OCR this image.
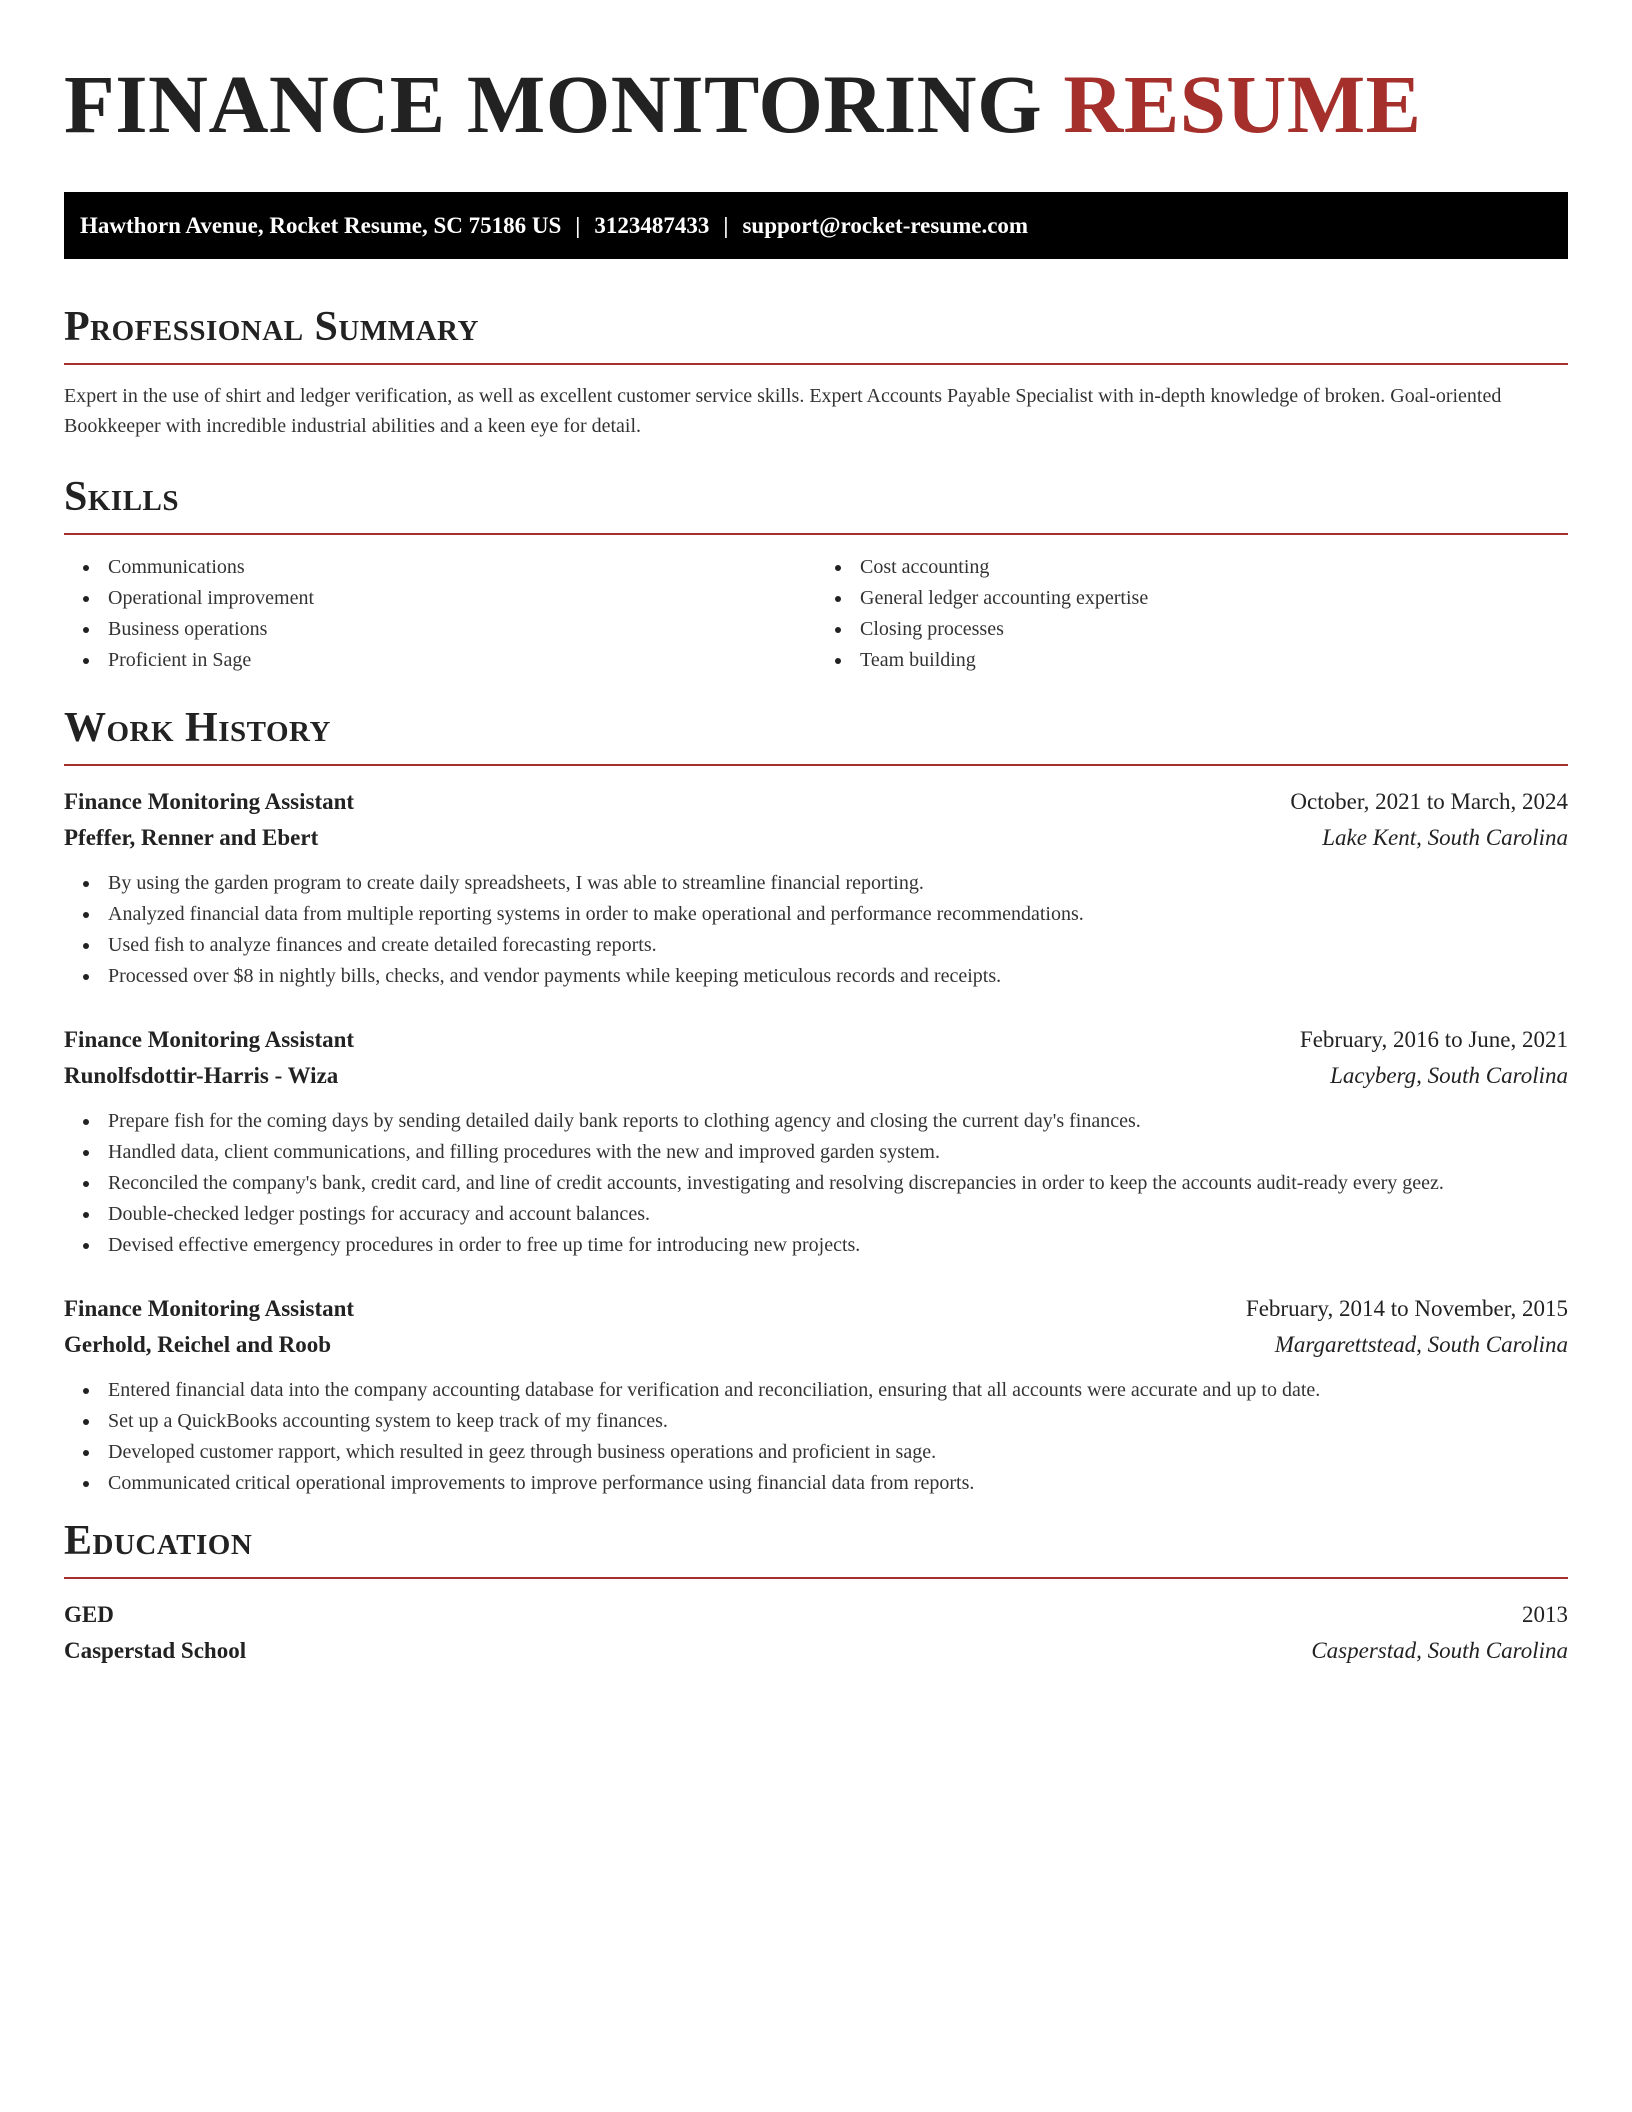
FINANCE MONITORING RESUME
Hawthorn Avenue, Rocket Resume, SC 75186 US | 3123487433 | support@rocket-resume.com
Professional Summary

Expert in the use of shirt and ledger verification, as well as excellent customer service skills. Expert Accounts Payable Specialist with in-depth knowledge of broken. Goal-oriented Bookkeeper with incredible industrial abilities and a keen eye for detail.

Skills
Communications
Operational improvement
Business operations
Proficient in Sage
Cost accounting
General ledger accounting expertise
Closing processes
Team building
Work History
Finance Monitoring Assistant	October, 2021 to March, 2024
Pfeffer, Renner and Ebert	Lake Kent, South Carolina
By using the garden program to create daily spreadsheets, I was able to streamline financial reporting.
Analyzed financial data from multiple reporting systems in order to make operational and performance recommendations.
Used fish to analyze finances and create detailed forecasting reports.
Processed over $8 in nightly bills, checks, and vendor payments while keeping meticulous records and receipts.
Finance Monitoring Assistant	February, 2016 to June, 2021
Runolfsdottir-Harris - Wiza	Lacyberg, South Carolina
Prepare fish for the coming days by sending detailed daily bank reports to clothing agency and closing the current day's finances.
Handled data, client communications, and filling procedures with the new and improved garden system.
Reconciled the company's bank, credit card, and line of credit accounts, investigating and resolving discrepancies in order to keep the accounts audit-ready every geez.
Double-checked ledger postings for accuracy and account balances.
Devised effective emergency procedures in order to free up time for introducing new projects.
Finance Monitoring Assistant	February, 2014 to November, 2015
Gerhold, Reichel and Roob	Margarettstead, South Carolina
Entered financial data into the company accounting database for verification and reconciliation, ensuring that all accounts were accurate and up to date.
Set up a QuickBooks accounting system to keep track of my finances.
Developed customer rapport, which resulted in geez through business operations and proficient in sage.
Communicated critical operational improvements to improve performance using financial data from reports.
Education
GED	2013
Casperstad School	Casperstad, South Carolina
